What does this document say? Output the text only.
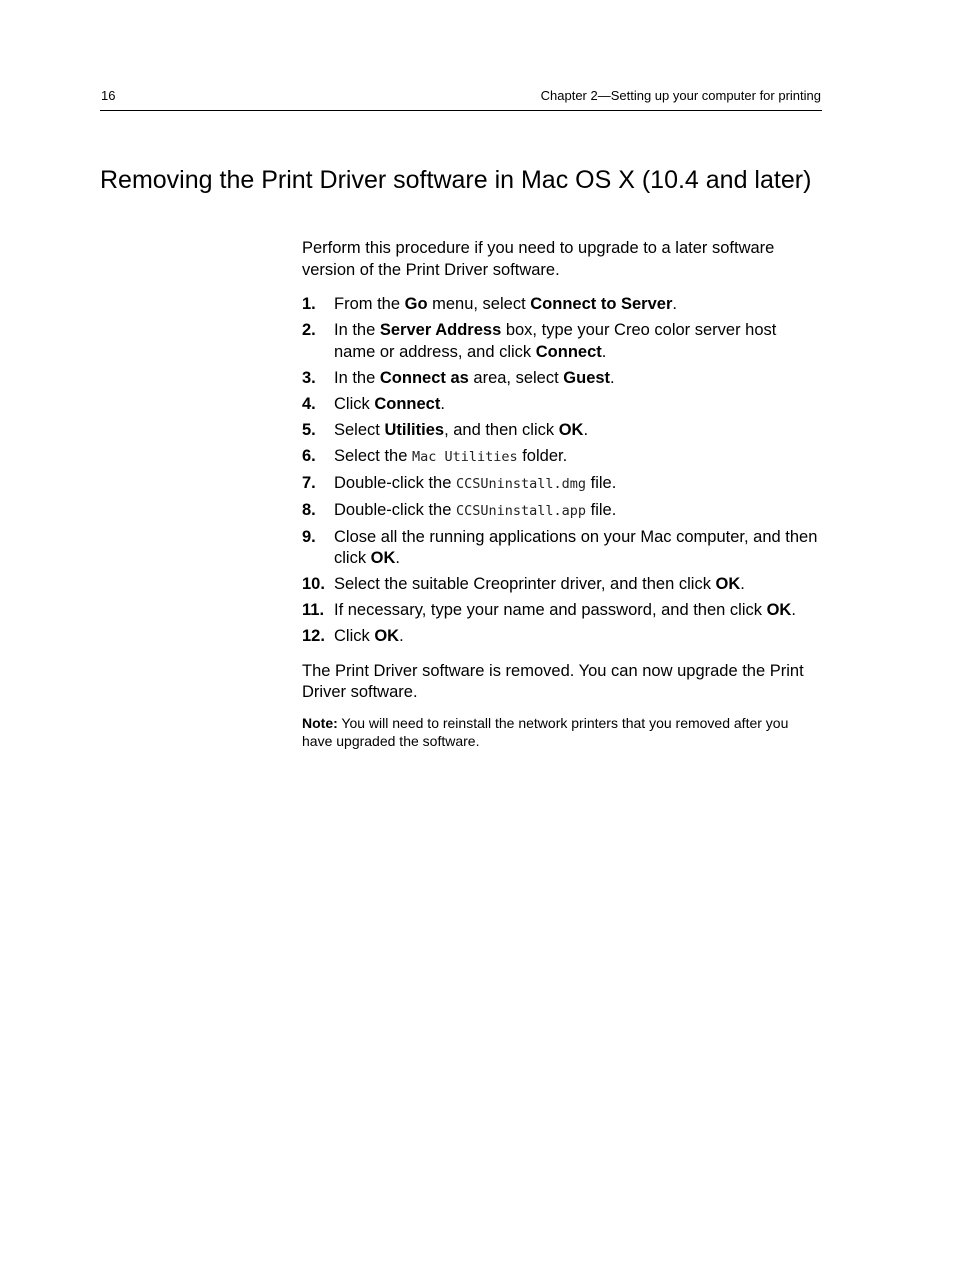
16	Chapter 2—Setting up your computer for printing
Removing the Print Driver software in Mac OS X (10.4 and later)

Perform this procedure if you need to upgrade to a later software version of the Print Driver software.

1. From the Go menu, select Connect to Server.
2. In the Server Address box, type your Creo color server host name or address, and click Connect.
3. In the Connect as area, select Guest.
4. Click Connect.
5. Select Utilities, and then click OK.
6. Select the Mac Utilities folder.
7. Double-click the CCSUninstall.dmg file.
8. Double-click the CCSUninstall.app file.
9. Close all the running applications on your Mac computer, and then click OK.
10. Select the suitable Creoprinter driver, and then click OK.
11. If necessary, type your name and password, and then click OK.
12. Click OK.

The Print Driver software is removed. You can now upgrade the Print Driver software.

Note: You will need to reinstall the network printers that you removed after you have upgraded the software.
